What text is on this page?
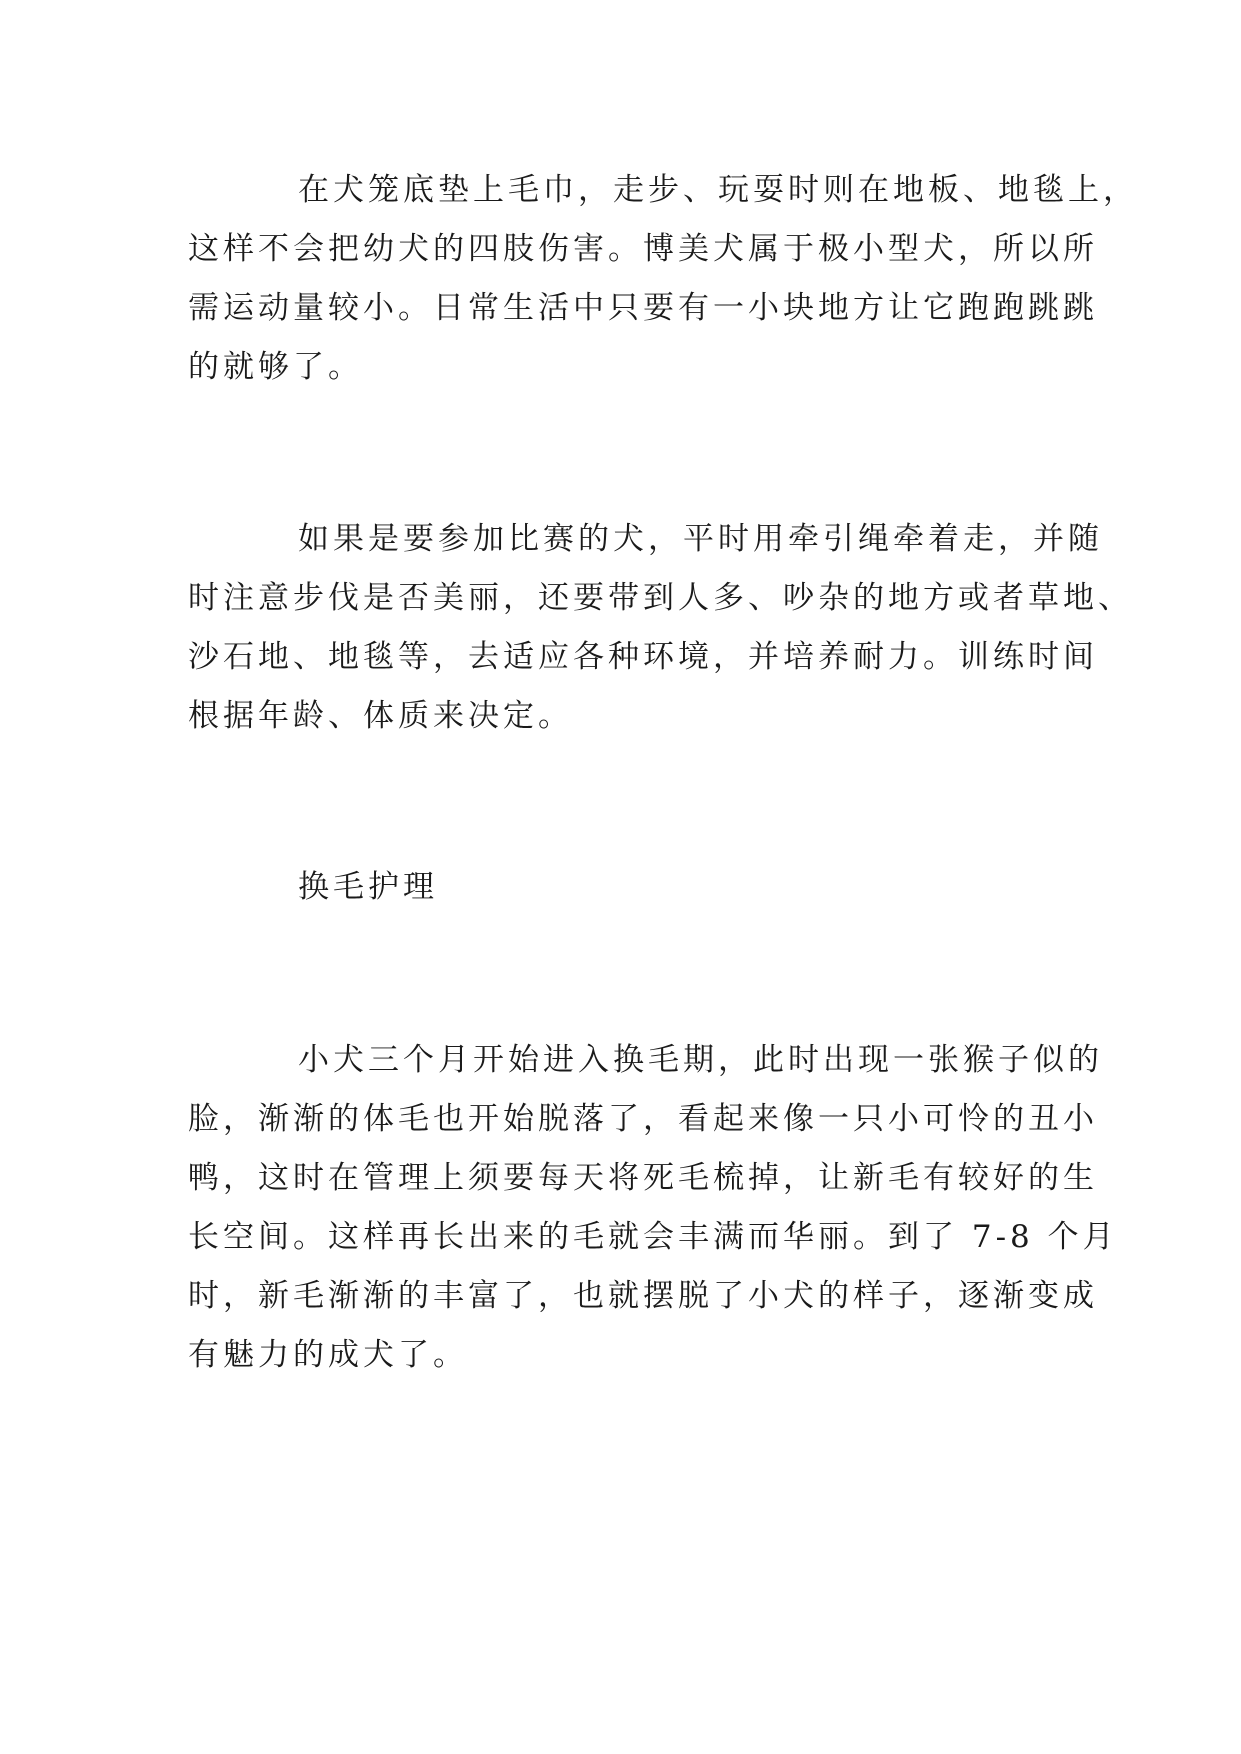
在犬笼底垫上毛巾，走步、玩耍时则在地板、地毯上，
这样不会把幼犬的四肢伤害。博美犬属于极小型犬，所以所
需运动量较小。日常生活中只要有一小块地方让它跑跑跳跳
的就够了。
如果是要参加比赛的犬，平时用牵引绳牵着走，并随
时注意步伐是否美丽，还要带到人多、吵杂的地方或者草地、
沙石地、地毯等，去适应各种环境，并培养耐力。训练时间
根据年龄、体质来决定。
换毛护理
小犬三个月开始进入换毛期，此时出现一张猴子似的
脸，渐渐的体毛也开始脱落了，看起来像一只小可怜的丑小
鸭，这时在管理上须要每天将死毛梳掉，让新毛有较好的生
长空间。这样再长出来的毛就会丰满而华丽。到了 7-8 个月
时，新毛渐渐的丰富了，也就摆脱了小犬的样子，逐渐变成
有魅力的成犬了。
